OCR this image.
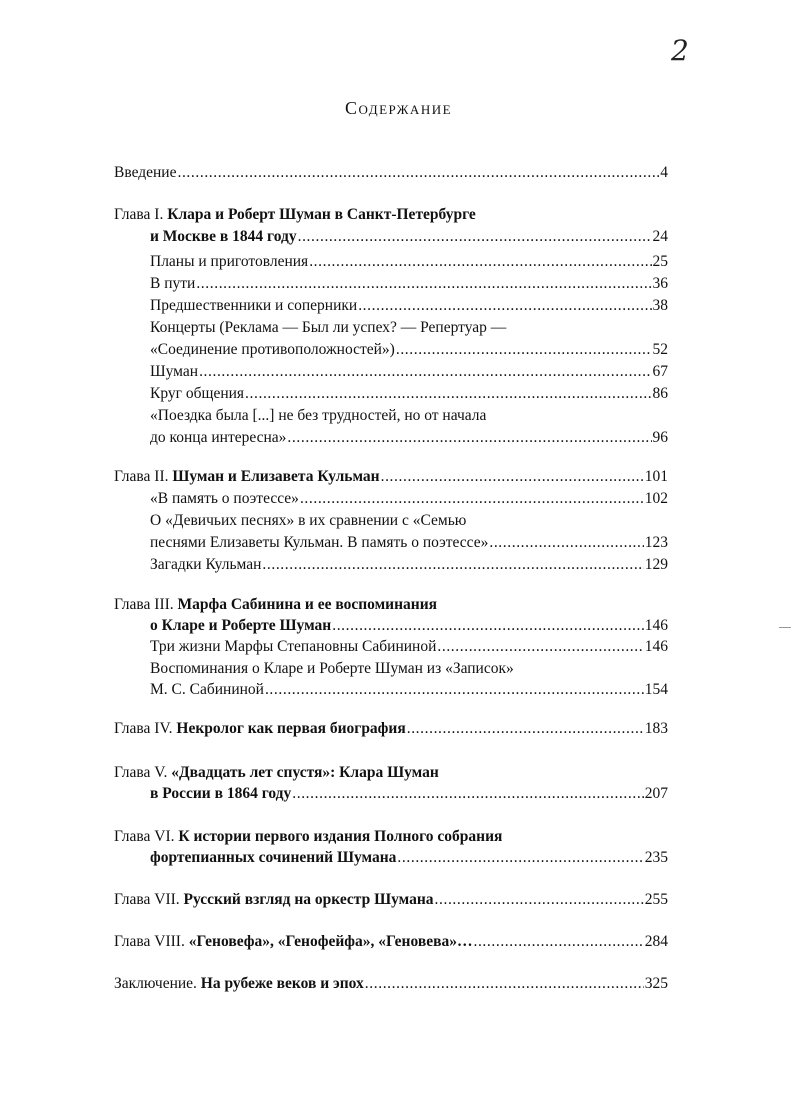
2
Содержание
Введение .....	4
Глава I. Клара и Роберт Шуман в Санкт-Петербурге
и Москве в 1844 году .....	24
Планы и приготовления .....	25
В пути .....	36
Предшественники и соперники .....	38
Концерты (Реклама — Был ли успех? — Репертуар —
«Соединение противоположностей») .....	52
Шуман .....	67
Круг общения .....	86
«Поездка была [...] не без трудностей, но от начала
до конца интересна» .....	96
Глава II.
Шуман и Елизавета Кульман .....	101
«В память о поэтессе» .....	102
О «Девичьих песнях» в их сравнении с «Семью
песнями Елизаветы Кульман. В память о поэтессе» .....	123
Загадки Кульман .....	129
Глава III. Марфа Сабинина и ее воспоминания
о Кларе и Роберте Шуман .....	146
Три жизни Марфы Степановны Сабининой .....	146
Воспоминания о Кларе и Роберте Шуман из «Записок»
М. С. Сабининой .....	154
Глава IV.
Некролог как первая биография .....	183
Глава V. «Двадцать лет спустя»: Клара Шуман
в России в 1864 году .....	207
Глава VI. К истории первого издания Полного собрания
фортепианных сочинений Шумана .....	235
Глава VII.
Русский взгляд на оркестр Шумана .....	255
Глава VIII.
«Геновефа», «Генофейфа», «Геновева»… .....	284
Заключение.
На рубеже веков и эпох .....	325
